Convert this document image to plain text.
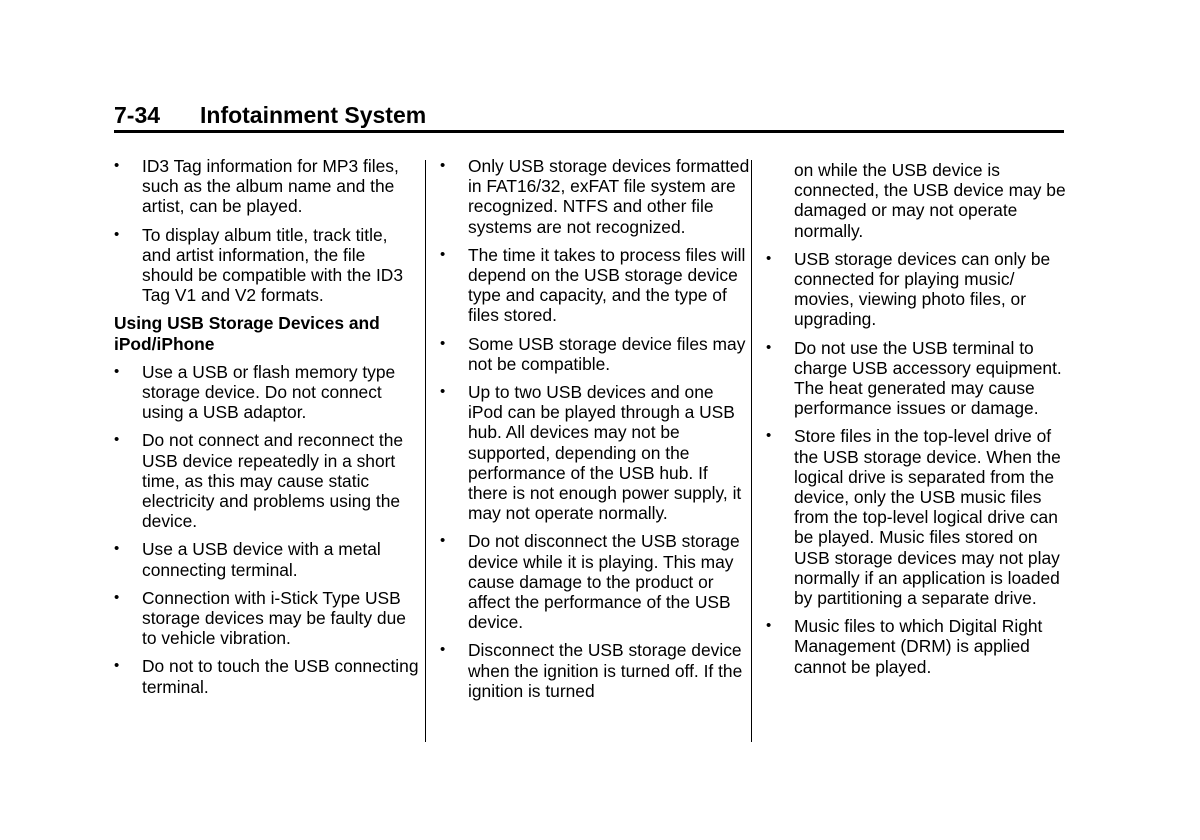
7-34 Infotainment System
• ID3 Tag information for MP3 files, such as the album name and the artist, can be played.
• To display album title, track title, and artist information, the file should be compatible with the ID3 Tag V1 and V2 formats.
Using USB Storage Devices and iPod/iPhone
• Use a USB or flash memory type storage device. Do not connect using a USB adaptor.
• Do not connect and reconnect the USB device repeatedly in a short time, as this may cause static electricity and problems using the device.
• Use a USB device with a metal connecting terminal.
• Connection with i-Stick Type USB storage devices may be faulty due to vehicle vibration.
• Do not to touch the USB connecting terminal.
• Only USB storage devices formatted in FAT16/32, exFAT file system are recognized. NTFS and other file systems are not recognized.
• The time it takes to process files will depend on the USB storage device type and capacity, and the type of files stored.
• Some USB storage device files may not be compatible.
• Up to two USB devices and one iPod can be played through a USB hub. All devices may not be supported, depending on the performance of the USB hub. If there is not enough power supply, it may not operate normally.
• Do not disconnect the USB storage device while it is playing. This may cause damage to the product or affect the performance of the USB device.
• Disconnect the USB storage device when the ignition is turned off. If the ignition is turned
on while the USB device is connected, the USB device may be damaged or may not operate normally.
• USB storage devices can only be connected for playing music/ movies, viewing photo files, or upgrading.
• Do not use the USB terminal to charge USB accessory equipment. The heat generated may cause performance issues or damage.
• Store files in the top-level drive of the USB storage device. When the logical drive is separated from the device, only the USB music files from the top-level logical drive can be played. Music files stored on USB storage devices may not play normally if an application is loaded by partitioning a separate drive.
• Music files to which Digital Right Management (DRM) is applied cannot be played.
